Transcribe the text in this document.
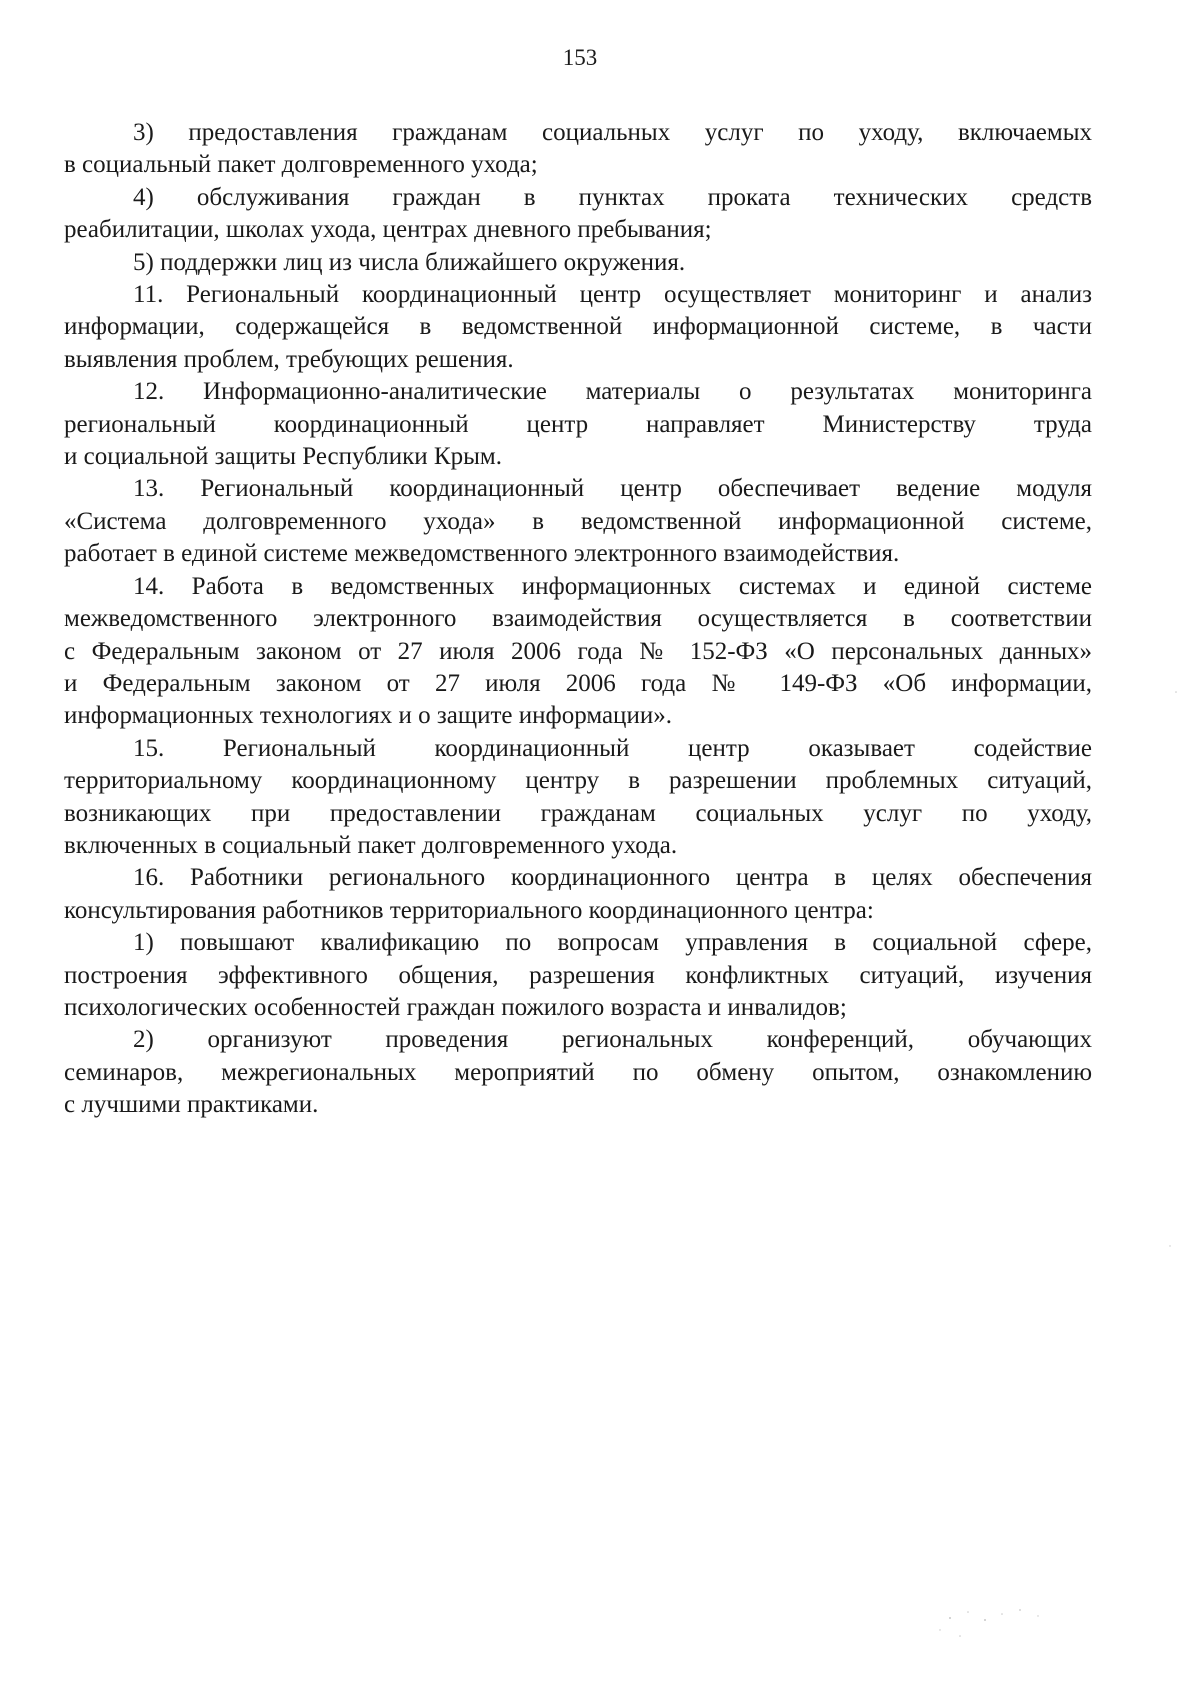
153
3) предоставления гражданам социальных услуг по уходу, включаемых
в социальный пакет долговременного ухода;
4) обслуживания граждан в пунктах проката технических средств
реабилитации, школах ухода, центрах дневного пребывания;
5) поддержки лиц из числа ближайшего окружения.
11. Региональный координационный центр осуществляет мониторинг и анализ
информации, содержащейся в ведомственной информационной системе, в части
выявления проблем, требующих решения.
12. Информационно-аналитические материалы о результатах мониторинга
региональный координационный центр направляет Министерству труда
и социальной защиты Республики Крым.
13. Региональный координационный центр обеспечивает ведение модуля
«Система долговременного ухода» в ведомственной информационной системе,
работает в единой системе межведомственного электронного взаимодействия.
14. Работа в ведомственных информационных системах и единой системе
межведомственного электронного взаимодействия осуществляется в соответствии
с Федеральным законом от 27 июля 2006 года № 152-ФЗ «О персональных данных»
и Федеральным законом от 27 июля 2006 года № 149-ФЗ «Об информации,
информационных технологиях и о защите информации».
15. Региональный координационный центр оказывает содействие
территориальному координационному центру в разрешении проблемных ситуаций,
возникающих при предоставлении гражданам социальных услуг по уходу,
включенных в социальный пакет долговременного ухода.
16. Работники регионального координационного центра в целях обеспечения
консультирования работников территориального координационного центра:
1) повышают квалификацию по вопросам управления в социальной сфере,
построения эффективного общения, разрешения конфликтных ситуаций, изучения
психологических особенностей граждан пожилого возраста и инвалидов;
2) организуют проведения региональных конференций, обучающих
семинаров, межрегиональных мероприятий по обмену опытом, ознакомлению
с лучшими практиками.
